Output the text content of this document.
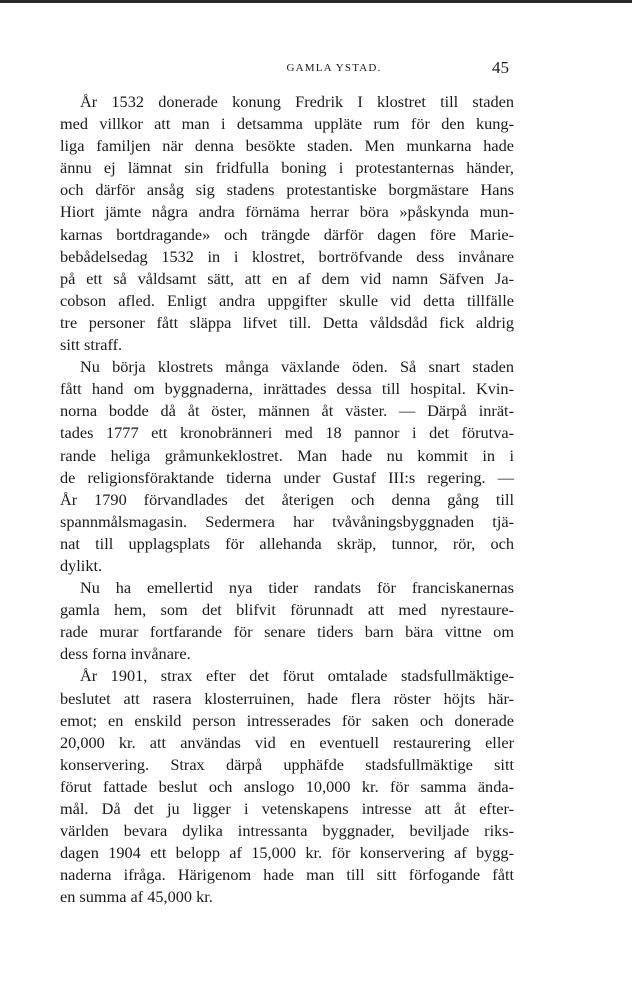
GAMLA YSTAD.	45
År 1532 donerade konung Fredrik I klostret till staden
med villkor att man i detsamma uppläte rum för den kung-
liga familjen när denna besökte staden. Men munkarna hade
ännu ej lämnat sin fridfulla boning i protestanternas händer,
och därför ansåg sig stadens protestantiske borgmästare Hans
Hiort jämte några andra förnäma herrar böra »påskynda mun-
karnas bortdragande» och trängde därför dagen före Marie-
bebådelsedag 1532 in i klostret, bortröfvande dess invånare
på ett så våldsamt sätt, att en af dem vid namn Säfven Ja-
cobson afled. Enligt andra uppgifter skulle vid detta tillfälle
tre personer fått släppa lifvet till. Detta våldsdåd fick aldrig
sitt straff.
Nu börja klostrets många växlande öden. Så snart staden
fått hand om byggnaderna, inrättades dessa till hospital. Kvin-
norna bodde då åt öster, männen åt väster. — Därpå inrät-
tades 1777 ett kronobränneri med 18 pannor i det förutva-
rande heliga gråmunkeklostret. Man hade nu kommit in i
de religionsföraktande tiderna under Gustaf III:s regering. —
År 1790 förvandlades det återigen och denna gång till
spannmålsmagasin. Sedermera har tvåvåningsbyggnaden tjä-
nat till upplagsplats för allehanda skräp, tunnor, rör, och
dylikt.
Nu ha emellertid nya tider randats för franciskanernas
gamla hem, som det blifvit förunnadt att med nyrestaure-
rade murar fortfarande för senare tiders barn bära vittne om
dess forna invånare.
År 1901, strax efter det förut omtalade stadsfullmäktige-
beslutet att rasera klosterruinen, hade flera röster höjts här-
emot; en enskild person intresserades för saken och donerade
20,000 kr. att användas vid en eventuell restaurering eller
konservering. Strax därpå upphäfde stadsfullmäktige sitt
förut fattade beslut och anslogo 10,000 kr. för samma ända-
mål. Då det ju ligger i vetenskapens intresse att åt efter-
världen bevara dylika intressanta byggnader, beviljade riks-
dagen 1904 ett belopp af 15,000 kr. för konservering af bygg-
naderna ifråga. Härigenom hade man till sitt förfogande fått
en summa af 45,000 kr.
